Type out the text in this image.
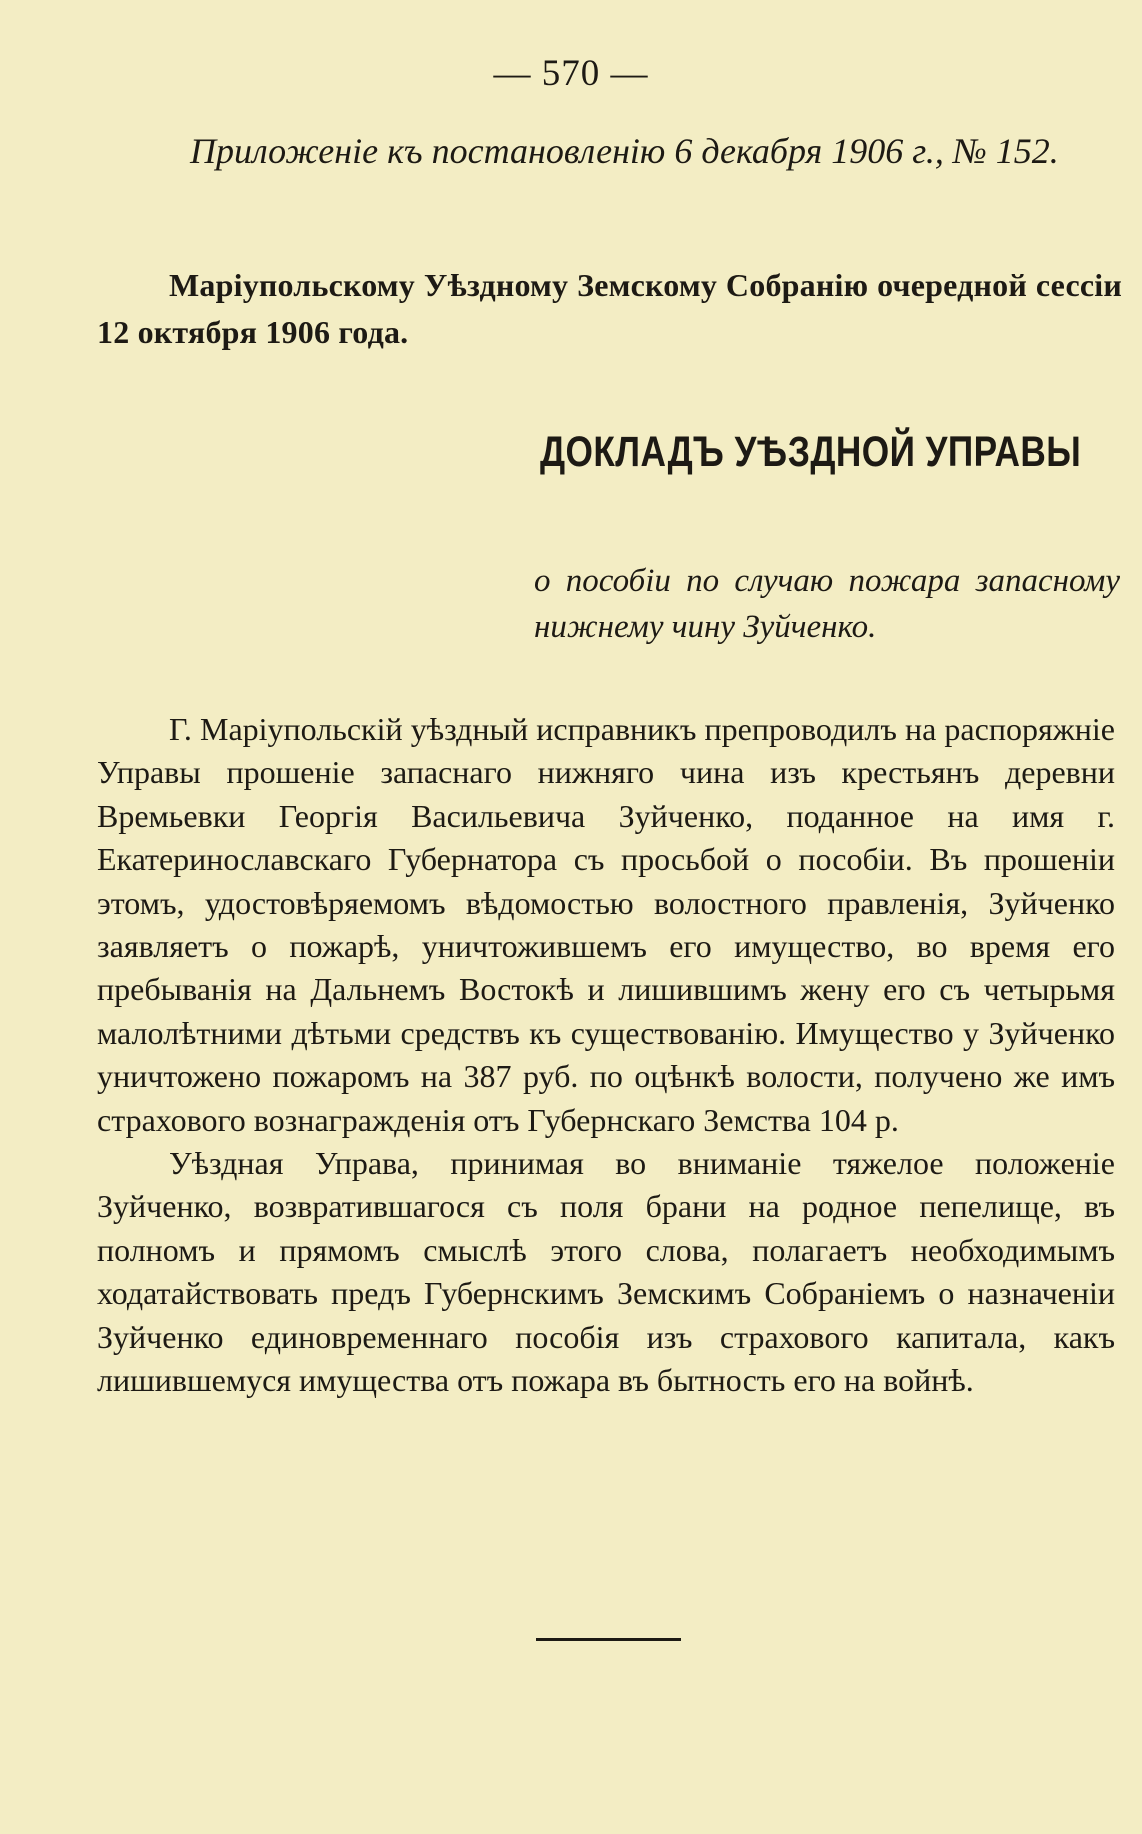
— 570 —
Приложеніе къ постановленію 6 декабря 1906 г., № 152.
Маріупольскому Уѣздному Земскому Собранію очередной сессіи 12 октября 1906 года.
ДОКЛАДЪ УѢЗДНОЙ УПРАВЫ
о пособіи по случаю пожара запасному нижнему чину Зуйченко.

Г. Маріупольскій уѣздный исправникъ препроводилъ на распоряжніе Управы прошеніе запаснаго нижняго чина изъ крестьянъ деревни Времьевки Георгія Васильевича Зуйченко, поданное на имя г. Екатеринославскаго Губернатора съ просьбой о пособіи. Въ прошеніи этомъ, удостовѣряемомъ вѣдомостью волостного правленія, Зуйченко заявляетъ о пожарѣ, уничтожившемъ его имущество, во время его пребыванія на Дальнемъ Востокѣ и лишившимъ жену его съ четырьмя малолѣтними дѣтьми средствъ къ существованію. Имущество у Зуйченко уничтожено пожаромъ на 387 руб. по оцѣнкѣ волости, получено же имъ страхового вознагражденія отъ Губернскаго Земства 104 р.

Уѣздная Управа, принимая во вниманіе тяжелое положеніе Зуйченко, возвратившагося съ поля брани на родное пепелище, въ полномъ и прямомъ смыслѣ этого слова, полагаетъ необходимымъ ходатайствовать предъ Губернскимъ Земскимъ Собраніемъ о назначеніи Зуйченко единовременнаго пособія изъ страхового капитала, какъ лишившемуся имущества отъ пожара въ бытность его на войнѣ.
